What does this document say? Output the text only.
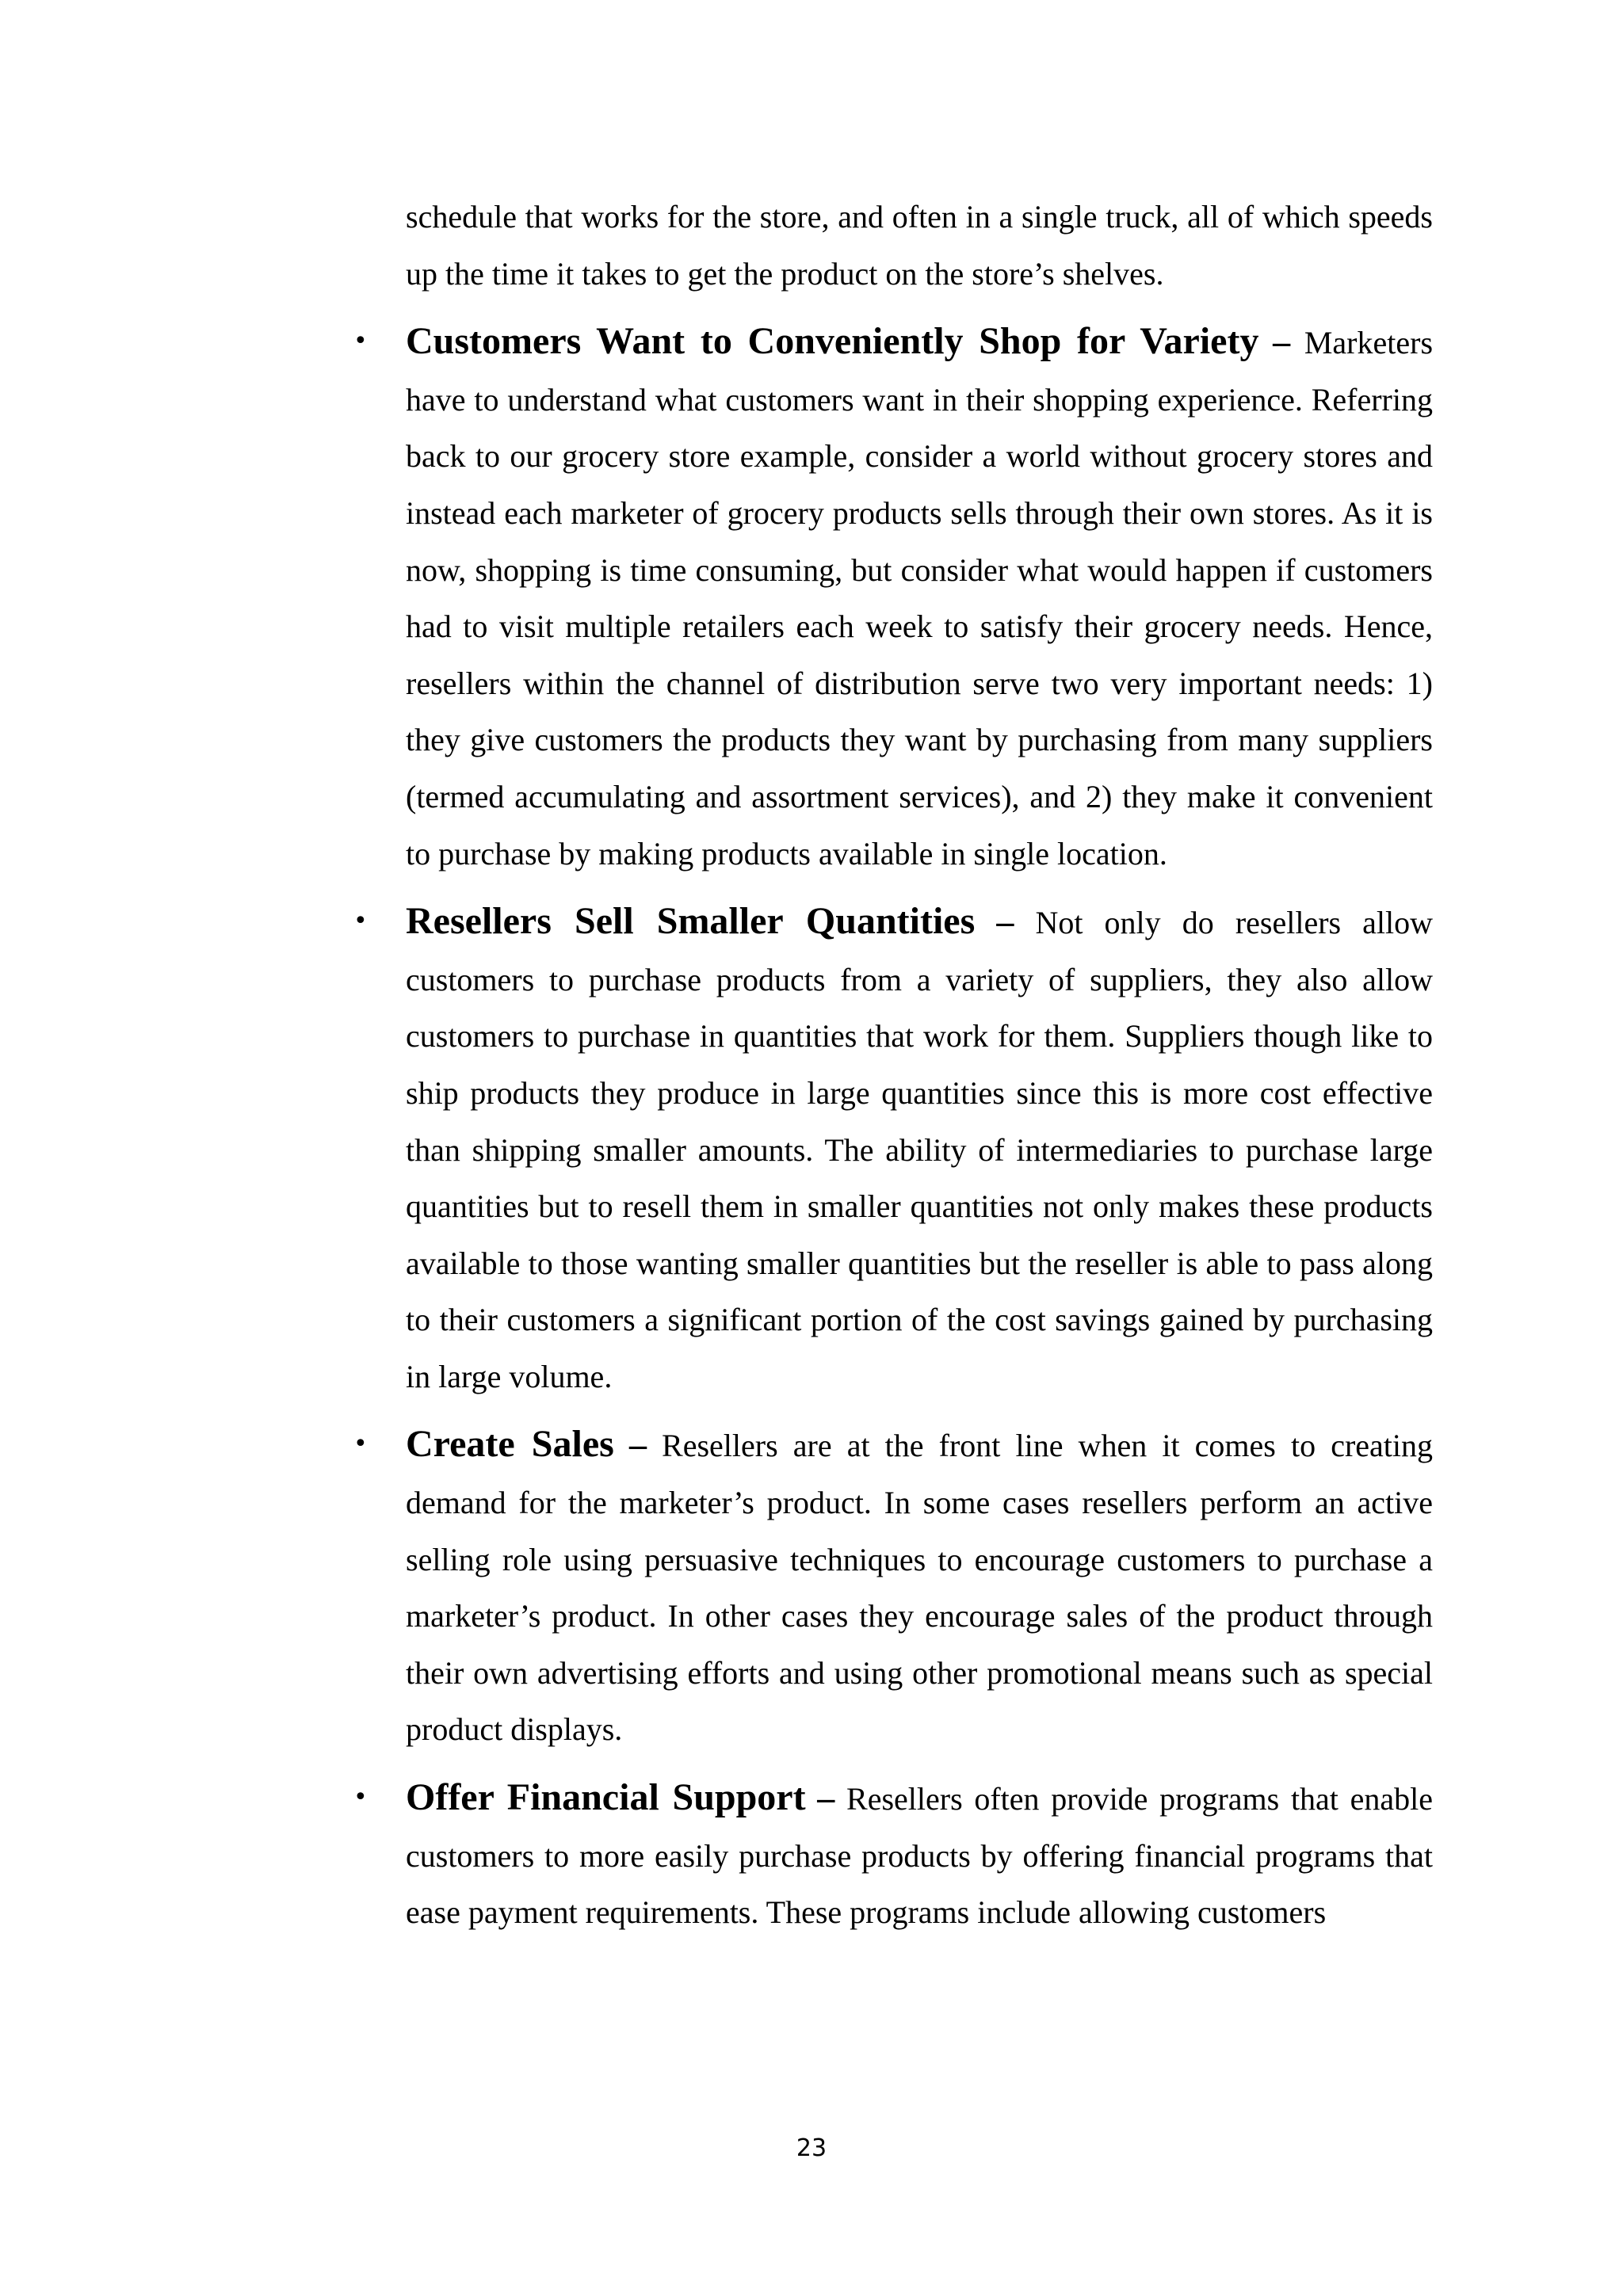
schedule that works for the store, and often in a single truck, all of which speeds up the time it takes to get the product on the store’s shelves.

• Customers Want to Conveniently Shop for Variety – Marketers have to understand what customers want in their shopping experience. Referring back to our grocery store example, consider a world without grocery stores and instead each marketer of grocery products sells through their own stores. As it is now, shopping is time consuming, but consider what would happen if customers had to visit multiple retailers each week to satisfy their grocery needs. Hence, resellers within the channel of distribution serve two very important needs: 1) they give customers the products they want by purchasing from many suppliers (termed accumulating and assortment services), and 2) they make it convenient to purchase by making products available in single location.

• Resellers Sell Smaller Quantities – Not only do resellers allow customers to purchase products from a variety of suppliers, they also allow customers to purchase in quantities that work for them. Suppliers though like to ship products they produce in large quantities since this is more cost effective than shipping smaller amounts. The ability of intermediaries to purchase large quantities but to resell them in smaller quantities not only makes these products available to those wanting smaller quantities but the reseller is able to pass along to their customers a significant portion of the cost savings gained by purchasing in large volume.

• Create Sales – Resellers are at the front line when it comes to creating demand for the marketer’s product. In some cases resellers perform an active selling role using persuasive techniques to encourage customers to purchase a marketer’s product. In other cases they encourage sales of the product through their own advertising efforts and using other promotional means such as special product displays.

• Offer Financial Support – Resellers often provide programs that enable customers to more easily purchase products by offering financial programs that ease payment requirements. These programs include allowing customers

23
